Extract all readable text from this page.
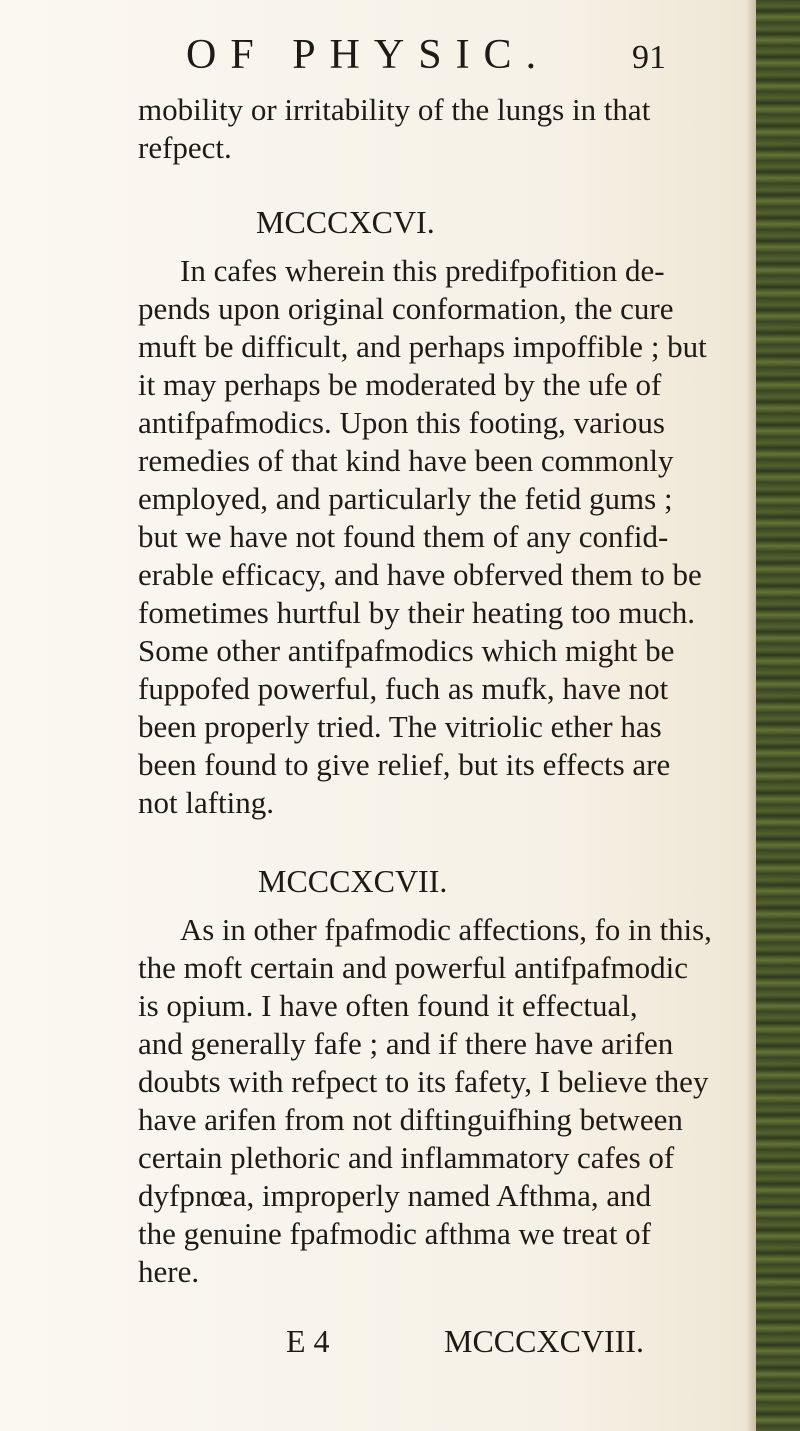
OF PHYSIC.	91
mobility or irritability of the lungs in that
refpect.
MCCCXCVI.
In cafes wherein this predifpofition de-
pends upon original conformation, the cure
muft be difficult, and perhaps impoffible ; but
it may perhaps be moderated by the ufe of
antifpafmodics. Upon this footing, various
remedies of that kind have been commonly
employed, and particularly the fetid gums ;
but we have not found them of any confid-
erable efficacy, and have obferved them to be
fometimes hurtful by their heating too much.
Some other antifpafmodics which might be
fuppofed powerful, fuch as mufk, have not
been properly tried. The vitriolic ether has
been found to give relief, but its effects are
not lafting.
MCCCXCVII.
As in other fpafmodic affections, fo in this,
the moft certain and powerful antifpafmodic
is opium. I have often found it effectual,
and generally fafe ; and if there have arifen
doubts with refpect to its fafety, I believe they
have arifen from not diftinguifhing between
certain plethoric and inflammatory cafes of
dyfpnœa, improperly named Afthma, and
the genuine fpafmodic afthma we treat of
here.
E 4	MCCCXCVIII.
